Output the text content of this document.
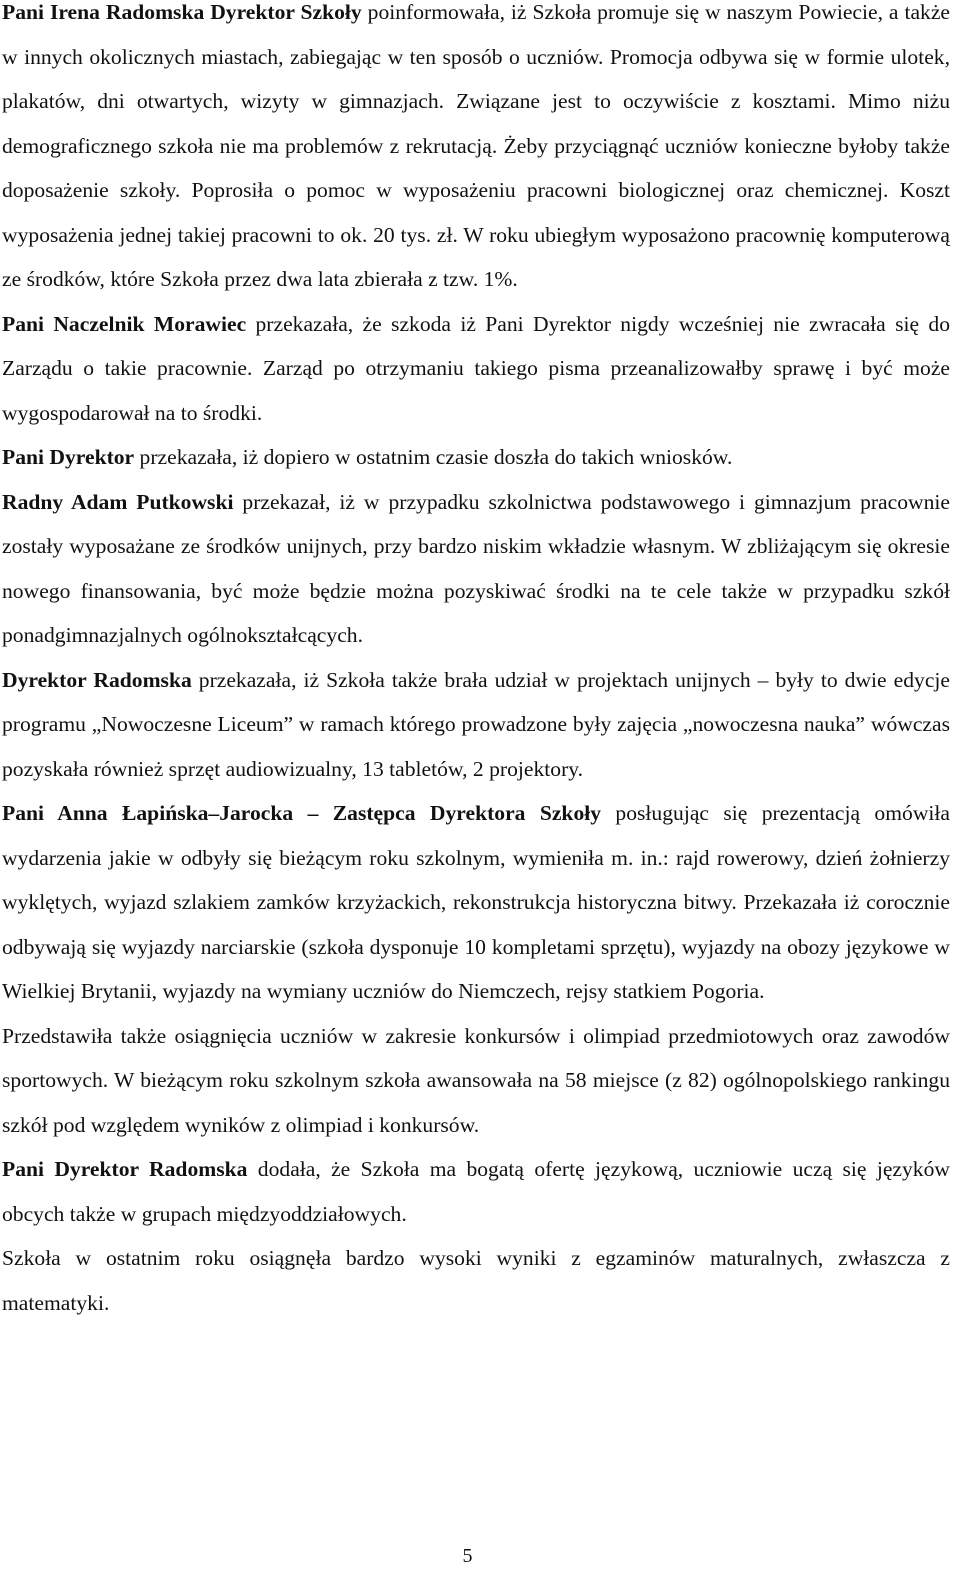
Pani Irena Radomska Dyrektor Szkoły poinformowała, iż Szkoła promuje się w naszym Powiecie, a także w innych okolicznych miastach, zabiegając w ten sposób o uczniów. Promocja odbywa się w formie ulotek, plakatów, dni otwartych, wizyty w gimnazjach. Związane jest to oczywiście z kosztami. Mimo niżu demograficznego szkoła nie ma problemów z rekrutacją. Żeby przyciągnąć uczniów konieczne byłoby także doposażenie szkoły. Poprosiła o pomoc w wyposażeniu pracowni biologicznej oraz chemicznej. Koszt wyposażenia jednej takiej pracowni to ok. 20 tys. zł. W roku ubiegłym wyposażono pracownię komputerową ze środków, które Szkoła przez dwa lata zbierała z tzw. 1%.

Pani Naczelnik Morawiec przekazała, że szkoda iż Pani Dyrektor nigdy wcześniej nie zwracała się do Zarządu o takie pracownie. Zarząd po otrzymaniu takiego pisma przeanalizowałby sprawę i być może wygospodarował na to środki.

Pani Dyrektor przekazała, iż dopiero w ostatnim czasie doszła do takich wniosków.

Radny Adam Putkowski przekazał, iż w przypadku szkolnictwa podstawowego i gimnazjum pracownie zostały wyposażane ze środków unijnych, przy bardzo niskim wkładzie własnym. W zbliżającym się okresie nowego finansowania, być może będzie można pozyskiwać środki na te cele także w przypadku szkół ponadgimnazjalnych ogólnokształcących.

Dyrektor Radomska przekazała, iż Szkoła także brała udział w projektach unijnych – były to dwie edycje programu „Nowoczesne Liceum” w ramach którego prowadzone były zajęcia „nowoczesna nauka” wówczas pozyskała również sprzęt audiowizualny, 13 tabletów, 2 projektory.

Pani Anna Łapińska–Jarocka – Zastępca Dyrektora Szkoły posługując się prezentacją omówiła wydarzenia jakie w odbyły się bieżącym roku szkolnym, wymieniła m. in.: rajd rowerowy, dzień żołnierzy wyklętych, wyjazd szlakiem zamków krzyżackich, rekonstrukcja historyczna bitwy. Przekazała iż corocznie odbywają się wyjazdy narciarskie (szkoła dysponuje 10 kompletami sprzętu), wyjazdy na obozy językowe w Wielkiej Brytanii, wyjazdy na wymiany uczniów do Niemczech, rejsy statkiem Pogoria.

Przedstawiła także osiągnięcia uczniów w zakresie konkursów i olimpiad przedmiotowych oraz zawodów sportowych. W bieżącym roku szkolnym szkoła awansowała na 58 miejsce (z 82) ogólnopolskiego rankingu szkół pod względem wyników z olimpiad i konkursów.

Pani Dyrektor Radomska dodała, że Szkoła ma bogatą ofertę językową, uczniowie uczą się języków obcych także w grupach międzyoddziałowych.

Szkoła w ostatnim roku osiągnęła bardzo wysoki wyniki z egzaminów maturalnych, zwłaszcza z matematyki.

5
